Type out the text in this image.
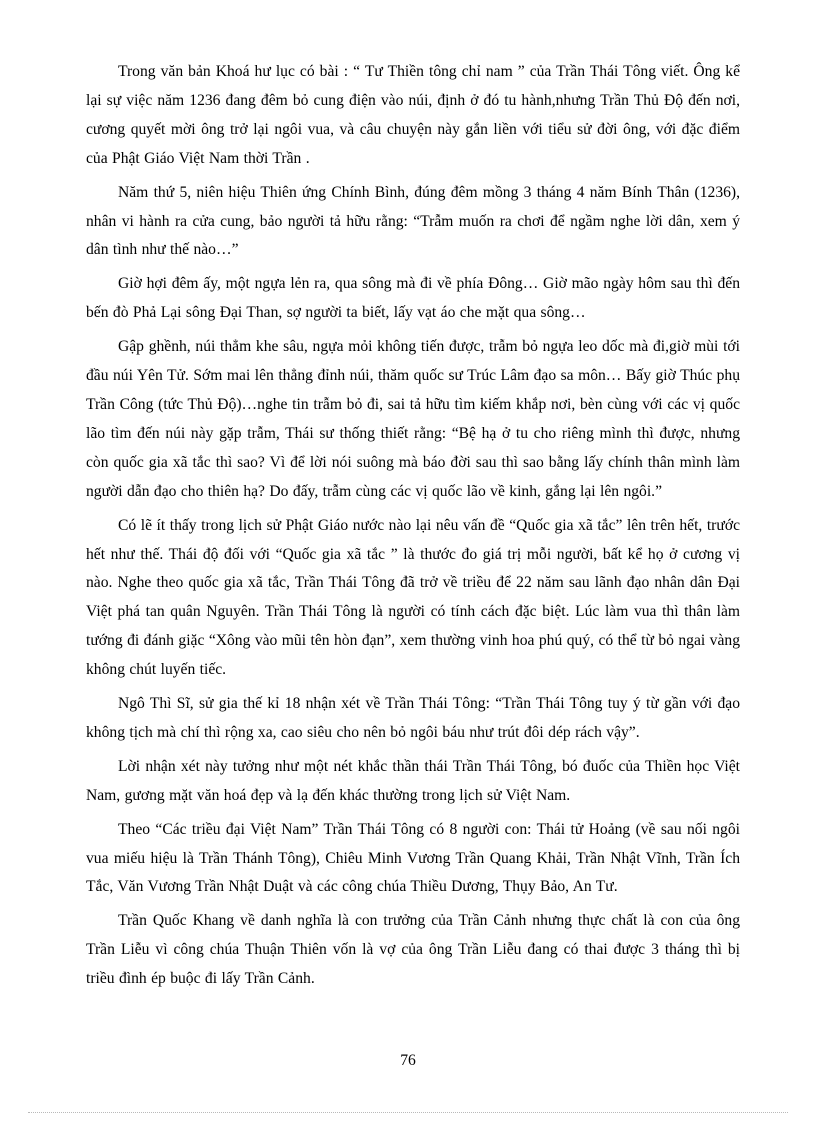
Trong văn bản Khoá hư lục có bài : “ Tư Thiền tông chỉ nam ” của Trần Thái Tông viết. Ông kể lại sự việc năm 1236 đang đêm bỏ cung điện vào núi, định ở đó tu hành,nhưng Trần Thủ Độ đến nơi, cương quyết mời ông trở lại ngôi vua, và câu chuyện này gắn liền với tiểu sử đời ông, với đặc điểm của Phật Giáo Việt Nam thời Trần .

Năm thứ 5, niên hiệu Thiên ứng Chính Bình, đúng đêm mồng 3 tháng 4 năm Bính Thân (1236), nhân vi hành ra cửa cung, bảo người tả hữu rằng: “Trẫm muốn ra chơi để ngầm nghe lời dân, xem ý dân tình như thế nào…”

Giờ hợi đêm ấy, một ngựa lẻn ra, qua sông mà đi về phía Đông… Giờ mão ngày hôm sau thì đến bến đò Phả Lại sông Đại Than, sợ người ta biết, lấy vạt áo che mặt qua sông…

Gập ghềnh, núi thẳm khe sâu, ngựa mỏi không tiến được, trẫm bỏ ngựa leo dốc mà đi,giờ mùi tới đầu núi Yên Tử. Sớm mai lên thẳng đỉnh núi, thăm quốc sư Trúc Lâm đạo sa môn… Bấy giờ Thúc phụ Trần Công (tức Thủ Độ)…nghe tin trẫm bỏ đi, sai tả hữu tìm kiếm khắp nơi, bèn cùng với các vị quốc lão tìm đến núi này gặp trẫm, Thái sư thống thiết rằng: “Bệ hạ ở tu cho riêng mình thì được, nhưng còn quốc gia xã tắc thì sao? Vì để lời nói suông mà báo đời sau thì sao bằng lấy chính thân mình làm người dẫn đạo cho thiên hạ? Do đấy, trẫm cùng các vị quốc lão về kinh, gắng lại lên ngôi.”

Có lẽ ít thấy trong lịch sử Phật Giáo nước nào lại nêu vấn đề “Quốc gia xã tắc” lên trên hết, trước hết như thế. Thái độ đối với “Quốc gia xã tắc ” là thước đo giá trị mỗi người, bất kể họ ở cương vị nào. Nghe theo quốc gia xã tắc, Trần Thái Tông đã trở về triều để 22 năm sau lãnh đạo nhân dân Đại Việt phá tan quân Nguyên. Trần Thái Tông là người có tính cách đặc biệt. Lúc làm vua thì thân làm tướng đi đánh giặc “Xông vào mũi tên hòn đạn”, xem thường vinh hoa phú quý, có thể từ bỏ ngai vàng không chút luyến tiếc.

Ngô Thì Sĩ, sử gia thế kỉ 18 nhận xét về Trần Thái Tông: “Trần Thái Tông tuy ý từ gần với đạo không tịch mà chí thì rộng xa, cao siêu cho nên bỏ ngôi báu như trút đôi dép rách vậy”.

Lời nhận xét này tưởng như một nét khắc thần thái Trần Thái Tông, bó đuốc của Thiền học Việt Nam, gương mặt văn hoá đẹp và lạ đến khác thường trong lịch sử Việt Nam.

Theo “Các triều đại Việt Nam” Trần Thái Tông có 8 người con: Thái tử Hoảng (về sau nối ngôi vua miếu hiệu là Trần Thánh Tông), Chiêu Minh Vương Trần Quang Khải, Trần Nhật Vĩnh, Trần Ích Tắc, Văn Vương Trần Nhật Duật và các công chúa Thiều Dương, Thụy Bảo, An Tư.

Trần Quốc Khang về danh nghĩa là con trưởng của Trần Cảnh nhưng thực chất là con của ông Trần Liễu vì công chúa Thuận Thiên vốn là vợ của ông Trần Liễu đang có thai được 3 tháng thì bị triều đình ép buộc đi lấy Trần Cảnh.

76
